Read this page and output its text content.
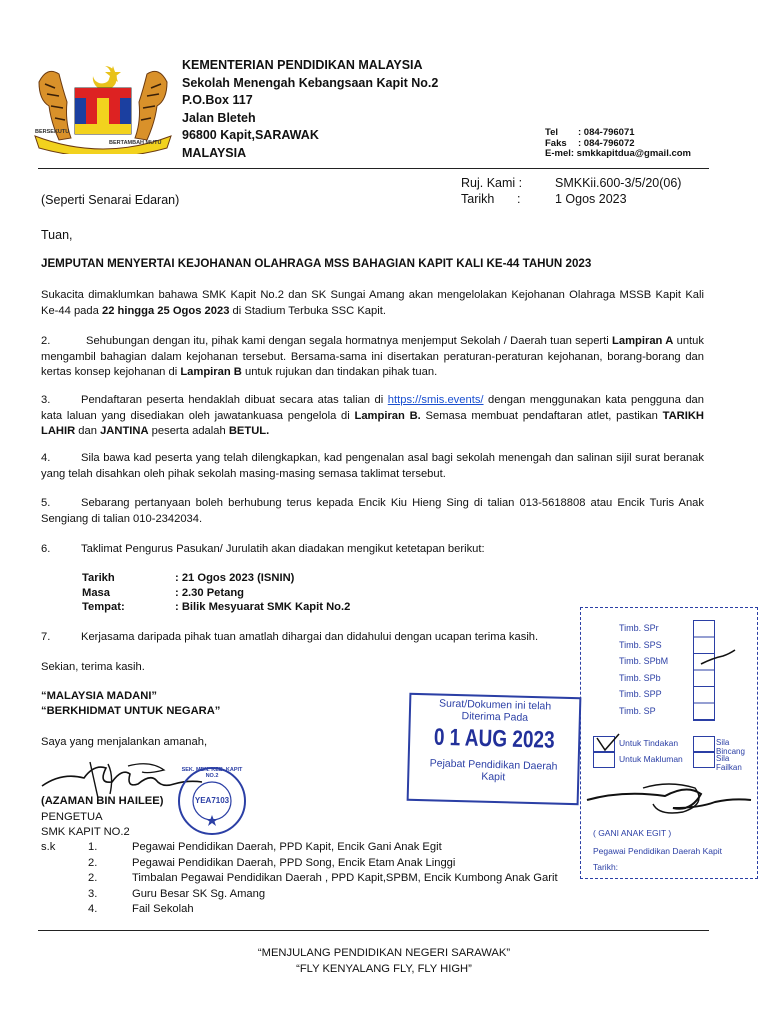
BERSEKUTU
BERTAMBAH MUTU
KEMENTERIAN PENDIDIKAN MALAYSIA
Sekolah Menengah Kebangsaan Kapit No.2
P.O.Box 117
Jalan Bleteh
96800 Kapit,SARAWAK
MALAYSIA
Tel : 084-796071
Faks : 084-796072
E-mel: smkkapitdua@gmail.com
Ruj. Kami :	SMKKii.600-3/5/20(06)
Tarikh :	1 Ogos 2023
(Seperti Senarai Edaran)
Tuan,
JEMPUTAN MENYERTAI KEJOHANAN OLAHRAGA MSS BAHAGIAN KAPIT KALI KE-44 TAHUN 2023
Sukacita dimaklumkan bahawa SMK Kapit No.2 dan SK Sungai Amang akan mengelolakan Kejohanan Olahraga MSSB Kapit Kali Ke-44 pada 22 hingga 25 Ogos 2023 di Stadium Terbuka SSC Kapit.
2.	Sehubungan dengan itu, pihak kami dengan segala hormatnya menjemput Sekolah / Daerah tuan seperti Lampiran A untuk mengambil bahagian dalam kejohanan tersebut. Bersama-sama ini disertakan peraturan-peraturan kejohanan, borang-borang dan kertas konsep kejohanan di Lampiran B untuk rujukan dan tindakan pihak tuan.
3.	Pendaftaran peserta hendaklah dibuat secara atas talian di https://smis.events/ dengan menggunakan kata pengguna dan kata laluan yang disediakan oleh jawatankuasa pengelola di Lampiran B. Semasa membuat pendaftaran atlet, pastikan TARIKH LAHIR dan JANTINA peserta adalah BETUL.
4.	Sila bawa kad peserta yang telah dilengkapkan, kad pengenalan asal bagi sekolah menengah dan salinan sijil surat beranak yang telah disahkan oleh pihak sekolah masing-masing semasa taklimat tersebut.
5.	Sebarang pertanyaan boleh berhubung terus kepada Encik Kiu Hieng Sing di talian 013-5618808 atau Encik Turis Anak Sengiang di talian 010-2342034.
6.	Taklimat Pengurus Pasukan/ Jurulatih akan diadakan mengikut ketetapan berikut:
Tarikh	: 21 Ogos 2023 (ISNIN)
Masa	: 2.30 Petang
Tempat:	: Bilik Mesyuarat SMK Kapit No.2
7.	Kerjasama daripada pihak tuan amatlah dihargai dan didahului dengan ucapan terima kasih.
Sekian, terima kasih.
“MALAYSIA MADANI”
“BERKHIDMAT UNTUK NEGARA”
Saya yang menjalankan amanah,
(AZAMAN BIN HAILEE)
PENGETUA
SMK KAPIT NO.2
SEK. MEN. KEB. KAPIT NO.2
YEA7103
s.k	1.	Pegawai Pendidikan Daerah, PPD Kapit, Encik Gani Anak Egit
2.	Pegawai Pendidikan Daerah, PPD Song, Encik Etam Anak Linggi
2.	Timbalan Pegawai Pendidikan Daerah , PPD Kapit,SPBM, Encik Kumbong Anak Garit
3.	Guru Besar SK Sg. Amang
4.	Fail Sekolah
Surat/Dokumen ini telah
Diterima Pada
0 1 AUG 2023
Pejabat Pendidikan Daerah
Kapit
Timb. SPr
Timb. SPS
Timb. SPbM
Timb. SPb
Timb. SPP
Timb. SP
Untuk Tindakan
Untuk Makluman
Sila Bincang
Sila Failkan
( GANI ANAK EGIT )
Pegawai Pendidikan Daerah Kapit
Tarikh:
“MENJULANG PENDIDIKAN NEGERI SARAWAK”
“FLY KENYALANG FLY, FLY HIGH”
